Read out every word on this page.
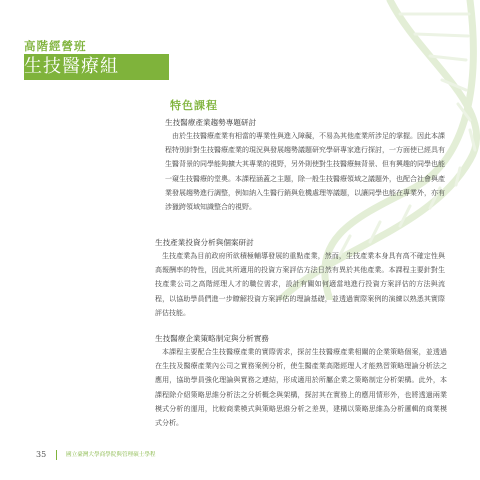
高階經營班
生技醫療組
特色課程
生技醫療產業趨勢專題研討
由於生技醫療產業有相當的專業性與進入障礙，不易為其他產業所涉足的掌握。因此本課程特別針對生技醫療產業的現況與發展趨勢議題研究學研專家進行探討，一方面使已經具有生醫背景的同學能夠擴大其專業的視野，另外則使對生技醫療無背景、但有興趣的同學也能一窺生技醫療的堂奧。本課程涵蓋之主題，除一般生技醫療領域之議題外，也配合社會與產業發展趨勢進行調整，例如納入生醫行銷與危機處理等議題，以讓同學也能在專業外，亦有涉獵跨領域知識整合的視野。
生技產業投資分析與個案研討
生技產業為目前政府所欲積極輔導發展的重點產業，然而，生技產業本身具有高不確定性與高報酬率的特性，因此其所適用的投資方案評估方法日然有異於其他產業。本課程主要針對生技產業公司之高階經理人才的職位需求，設計有關如何適當地進行投資方案評估的方法與流程，以協助學員們進一步瞭解投資方案評估的理論基礎，並透過實際案例的演練以熟悉其實際評估技能。
生技醫療企業策略制定與分析實務
本課程主要配合生技醫療產業的實際需求，探討生技醫療產業相關的企業策略個案，並透過在生技及醫療產業內公司之實務案例分析，使生醫產業高階經理人才能熟習策略理論分析法之應用，協助學員強化理論與實務之連結，形成適用於所屬企業之策略制定分析架構。此外，本課程除介紹策略思維分析法之分析概念與架構，探討其在實務上的應用情形外，也將透過兩業模式分析的運用，比較商業模式與策略思維分析之差異，建構以策略思維為分析邏輯的商業模式分析。
35	國立臺灣大學商學院與管理碩士學程
